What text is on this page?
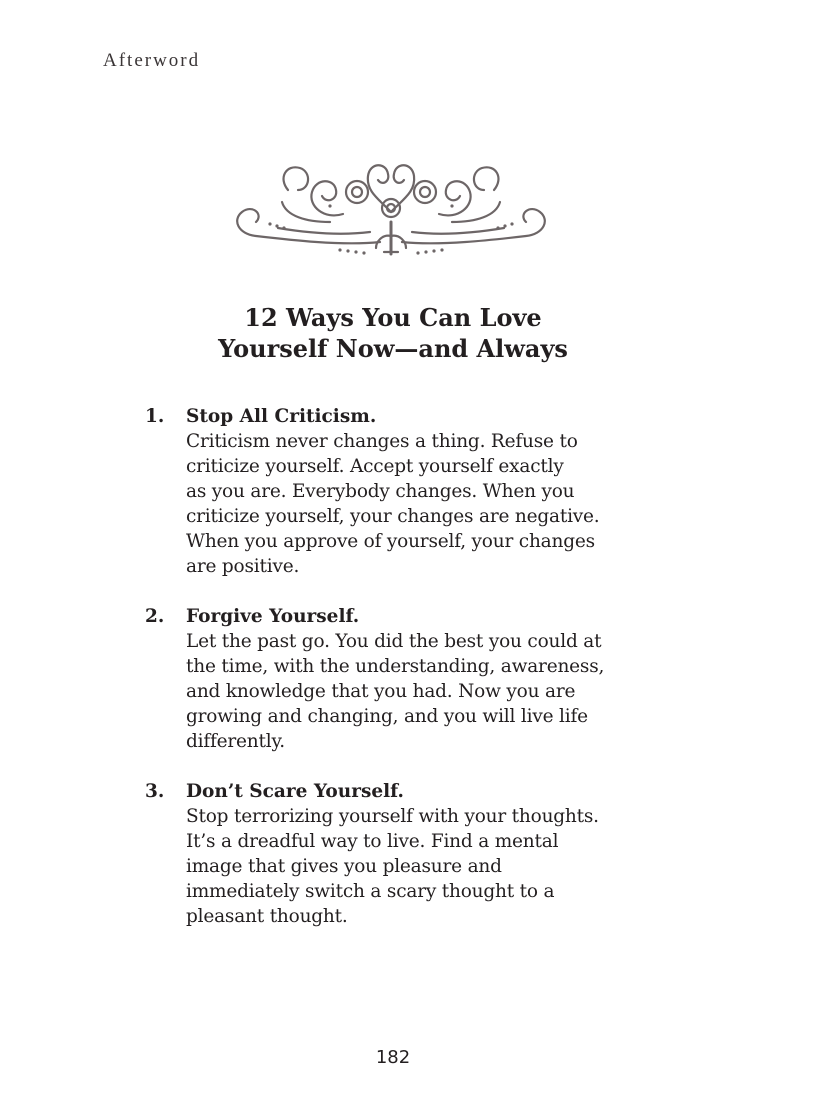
Afterword
12 Ways You Can Love
Yourself Now—and Always
1.	Stop All Criticism.
Criticism never changes a thing. Refuse to
criticize yourself. Accept yourself exactly
as you are. Everybody changes. When you
criticize yourself, your changes are negative.
When you approve of yourself, your changes
are positive.
2.	Forgive Yourself.
Let the past go. You did the best you could at
the time, with the understanding, awareness,
and knowledge that you had. Now you are
growing and changing, and you will live life
differently.
3.	Don’t Scare Yourself.
Stop terrorizing yourself with your thoughts.
It’s a dreadful way to live. Find a mental
image that gives you pleasure and
immediately switch a scary thought to a
pleasant thought.
182
